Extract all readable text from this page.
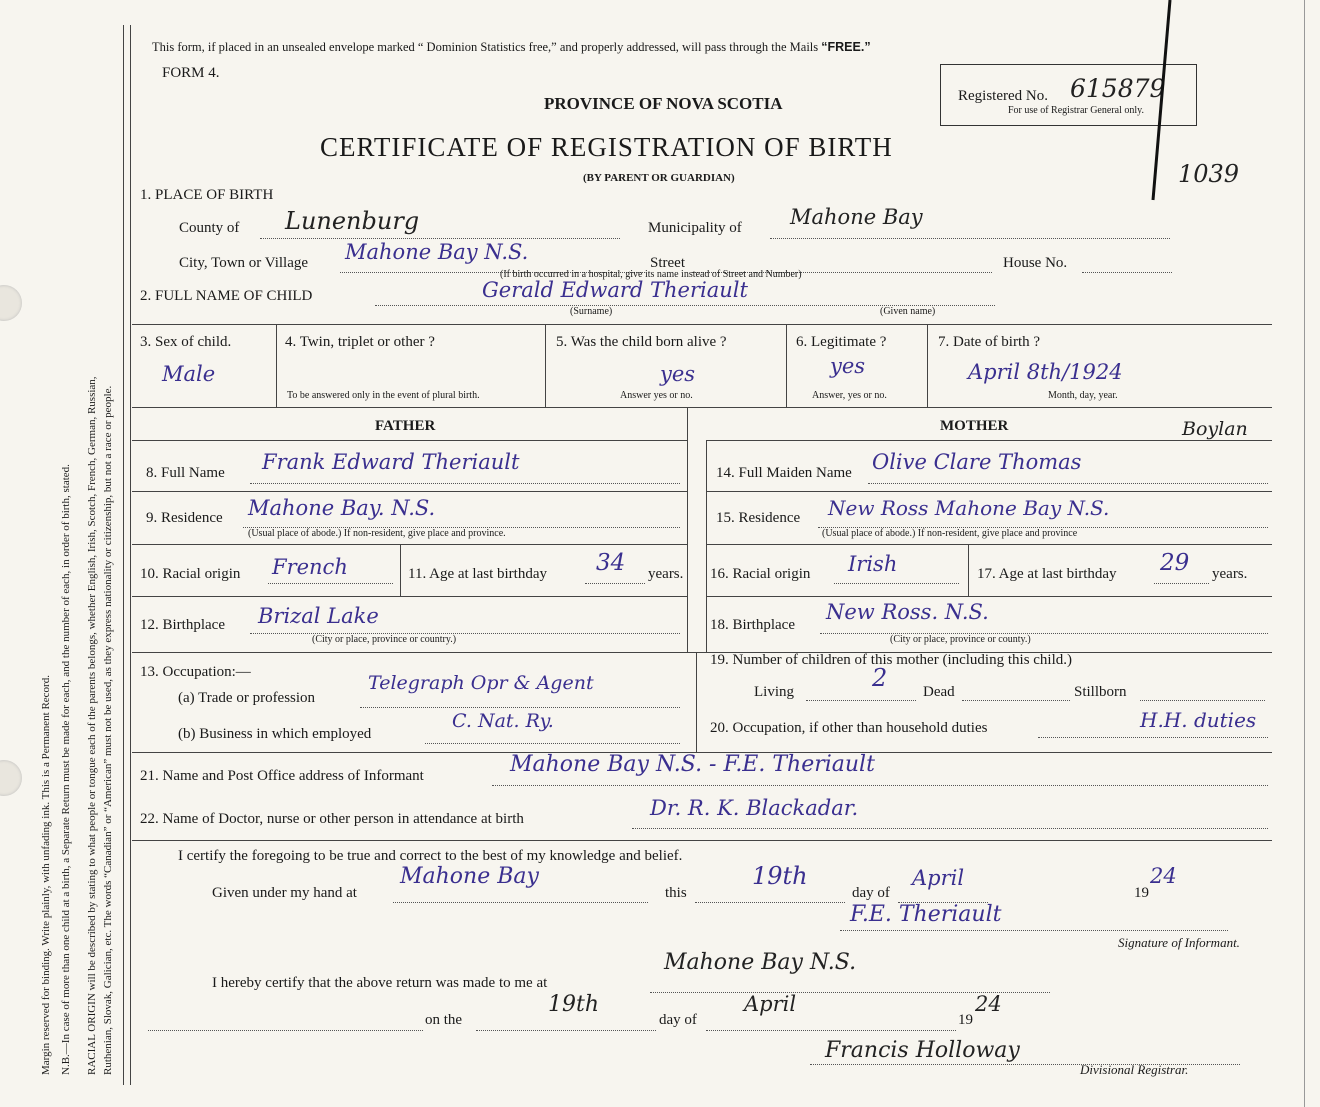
Margin reserved for binding. Write plainly, with unfading ink. This is a Permanent Record. N.B.—In case of more than one child at a birth, a Separate Return must be made for each, and the number of each, in order of birth, stated. RACIAL ORIGIN will be described by stating to what people or tongue each of the parents belongs, whether English, Irish, Scotch, French, German, Russian, Ruthenian, Slovak, Galician, etc. The words “Canadian” or “American” must not be used, as they express nationality or citizenship, but not a race or people.
This form, if placed in an unsealed envelope marked “ Dominion Statistics free,” and properly addressed, will pass through the Mails “FREE.”
FORM 4.
PROVINCE OF NOVA SCOTIA
CERTIFICATE OF REGISTRATION OF BIRTH
(BY PARENT OR GUARDIAN)
Registered No. 615879
For use of Registrar General only.
1039
1. PLACE OF BIRTH
County of Lunenburg	Municipality of Mahone Bay
City, Town or Village Mahone Bay N.S.	Street	House No.
(If birth occurred in a hospital, give its name instead of Street and Number)
2. FULL NAME OF CHILD	Gerald Edward Theriault
(Surname)	(Given name)
3. Sex of child.
Male
4. Twin, triplet or other ?
To be answered only in the event of plural birth.
5. Was the child born alive ?
yes
Answer yes or no.
6. Legitimate ?
yes
Answer, yes or no.
7. Date of birth ?
April 8th/1924
Month, day, year.
FATHER	MOTHER
8. Full Name Frank Edward Theriault
9. Residence Mahone Bay. N.S.
(Usual place of abode.) If non-resident, give place and province.
10. Racial origin French	11. Age at last birthday 34 years.
12. Birthplace Brizal Lake
(City or place, province or country.)
14. Full Maiden Name Olive Clare Thomas
Boylan
15. Residence New Ross Mahone Bay N.S.
(Usual place of abode.) If non-resident, give place and province
16. Racial origin Irish	17. Age at last birthday 29 years.
18. Birthplace
New Ross. N.S.
(City or place, province or county.)
13. Occupation:—
(a) Trade or profession
Telegraph Opr & Agent
(b) Business in which employed
C. Nat. Ry.
19. Number of children of this mother (including this child.)
Living	2 Dead	Stillborn
20. Occupation, if other than household duties	H.H. duties
21. Name and Post Office address of Informant	Mahone Bay N.S. - F.E. Theriault
22. Name of Doctor, nurse or other person in attendance at birth	Dr. R. K. Blackadar.
I certify the foregoing to be true and correct to the best of my knowledge and belief.
Given under my hand at
Mahone Bay
this
19th
day of
April
19
24
F.E. Theriault
Signature of Informant.
I hereby certify that the above return was made to me at
Mahone Bay N.S.
on the
19th
day of
April
19
24
Francis Holloway
Divisional Registrar.
